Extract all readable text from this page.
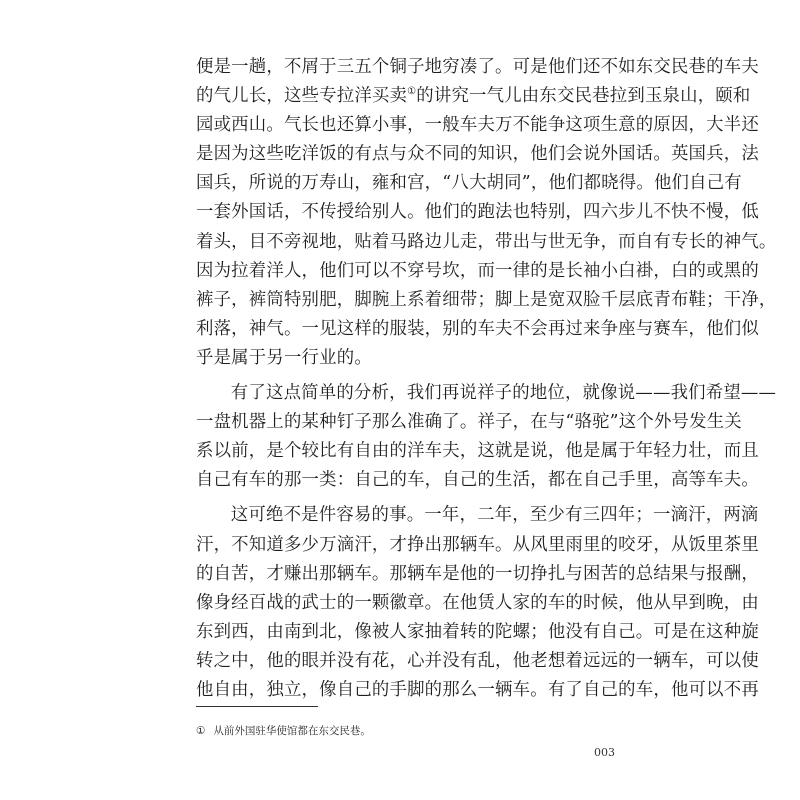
便是一趟，不屑于三五个铜子地穷凑了。可是他们还不如东交民巷的车夫
的气儿长，这些专拉洋买卖①的讲究一气儿由东交民巷拉到玉泉山，颐和
园或西山。气长也还算小事，一般车夫万不能争这项生意的原因，大半还
是因为这些吃洋饭的有点与众不同的知识，他们会说外国话。英国兵，法
国兵，所说的万寿山，雍和宫，“八大胡同”，他们都晓得。他们自己有
一套外国话，不传授给别人。他们的跑法也特别，四六步儿不快不慢，低
着头，目不旁视地，贴着马路边儿走，带出与世无争，而自有专长的神气。
因为拉着洋人，他们可以不穿号坎，而一律的是长袖小白褂，白的或黑的
裤子，裤筒特别肥，脚腕上系着细带；脚上是宽双脸千层底青布鞋；干净，
利落，神气。一见这样的服装，别的车夫不会再过来争座与赛车，他们似
乎是属于另一行业的。

有了这点简单的分析，我们再说祥子的地位，就像说——我们希望——
一盘机器上的某种钉子那么准确了。祥子，在与“骆驼”这个外号发生关
系以前，是个较比有自由的洋车夫，这就是说，他是属于年轻力壮，而且
自己有车的那一类：自己的车，自己的生活，都在自己手里，高等车夫。

这可绝不是件容易的事。一年，二年，至少有三四年；一滴汗，两滴
汗，不知道多少万滴汗，才挣出那辆车。从风里雨里的咬牙，从饭里茶里
的自苦，才赚出那辆车。那辆车是他的一切挣扎与困苦的总结果与报酬，
像身经百战的武士的一颗徽章。在他赁人家的车的时候，他从早到晚，由
东到西，由南到北，像被人家抽着转的陀螺；他没有自己。可是在这种旋
转之中，他的眼并没有花，心并没有乱，他老想着远远的一辆车，可以使
他自由，独立，像自己的手脚的那么一辆车。有了自己的车，他可以不再

① 从前外国驻华使馆都在东交民巷。
003
